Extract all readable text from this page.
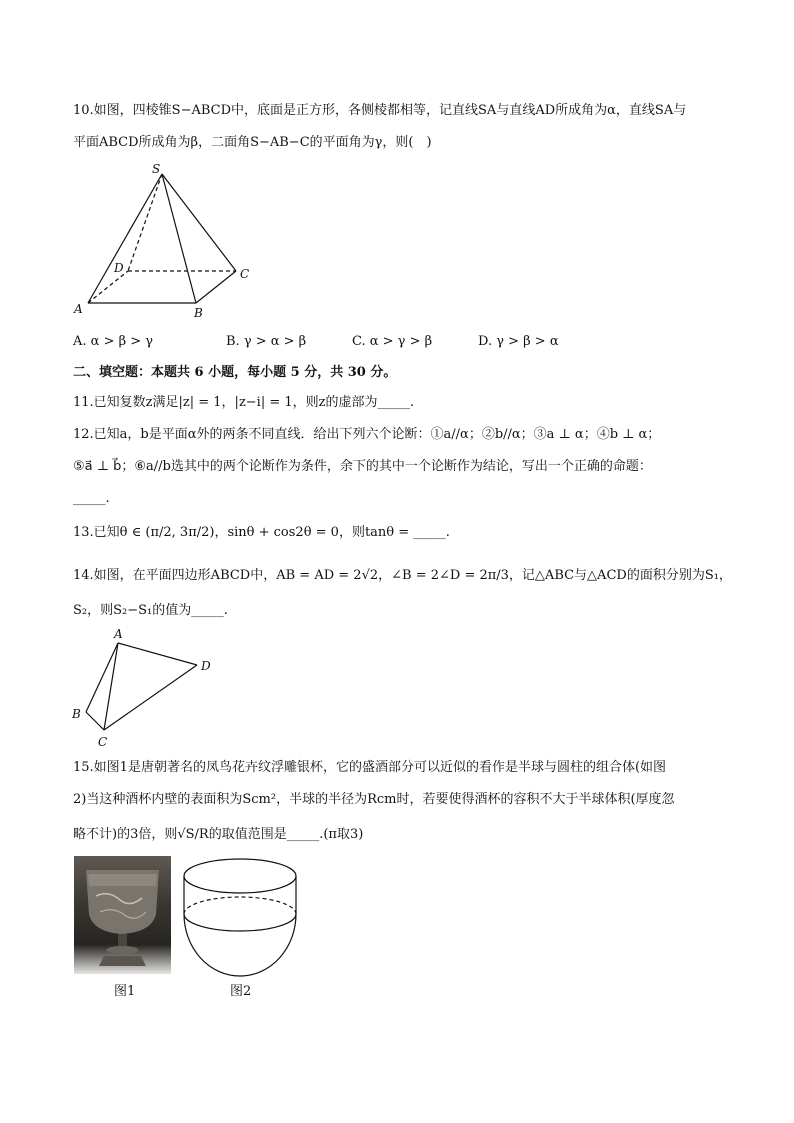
10.如图，四棱锥S−ABCD中，底面是正方形，各侧棱都相等，记直线SA与直线AD所成角为α，直线SA与
平面ABCD所成角为β，二面角S−AB−C的平面角为γ，则(　)
S
A	B
C
D
A. α > β > γ	B. γ > α > β	C. α > γ > β	D. γ > β > α
二、填空题：本题共 6 小题，每小题 5 分，共 30 分。
11.已知复数z满足|z| = 1，|z−i| = 1，则z的虚部为_____.
12.已知a，b是平面α外的两条不同直线．给出下列六个论断：①a//α；②b//α；③a ⊥ α；④b ⊥ α；
⑤a⃗ ⊥ b⃗；⑥a//b选其中的两个论断作为条件，余下的其中一个论断作为结论，写出一个正确的命题：
_____.
13.已知θ ∈ (π/2, 3π/2)，sinθ + cos2θ = 0，则tanθ = _____.
14.如图，在平面四边形ABCD中，AB = AD = 2√2，∠B = 2∠D = 2π/3，记△ABC与△ACD的面积分别为S₁，
S₂，则S₂−S₁的值为_____.
A
D
B
C
15.如图1是唐朝著名的凤鸟花卉纹浮雕银杯，它的盛酒部分可以近似的看作是半球与圆柱的组合体(如图
2)当这种酒杯内壁的表面积为Scm²，半球的半径为Rcm时，若要使得酒杯的容积不大于半球体积(厚度忽
略不计)的3倍，则√S/R的取值范围是_____.(π取3)
图1	图2
